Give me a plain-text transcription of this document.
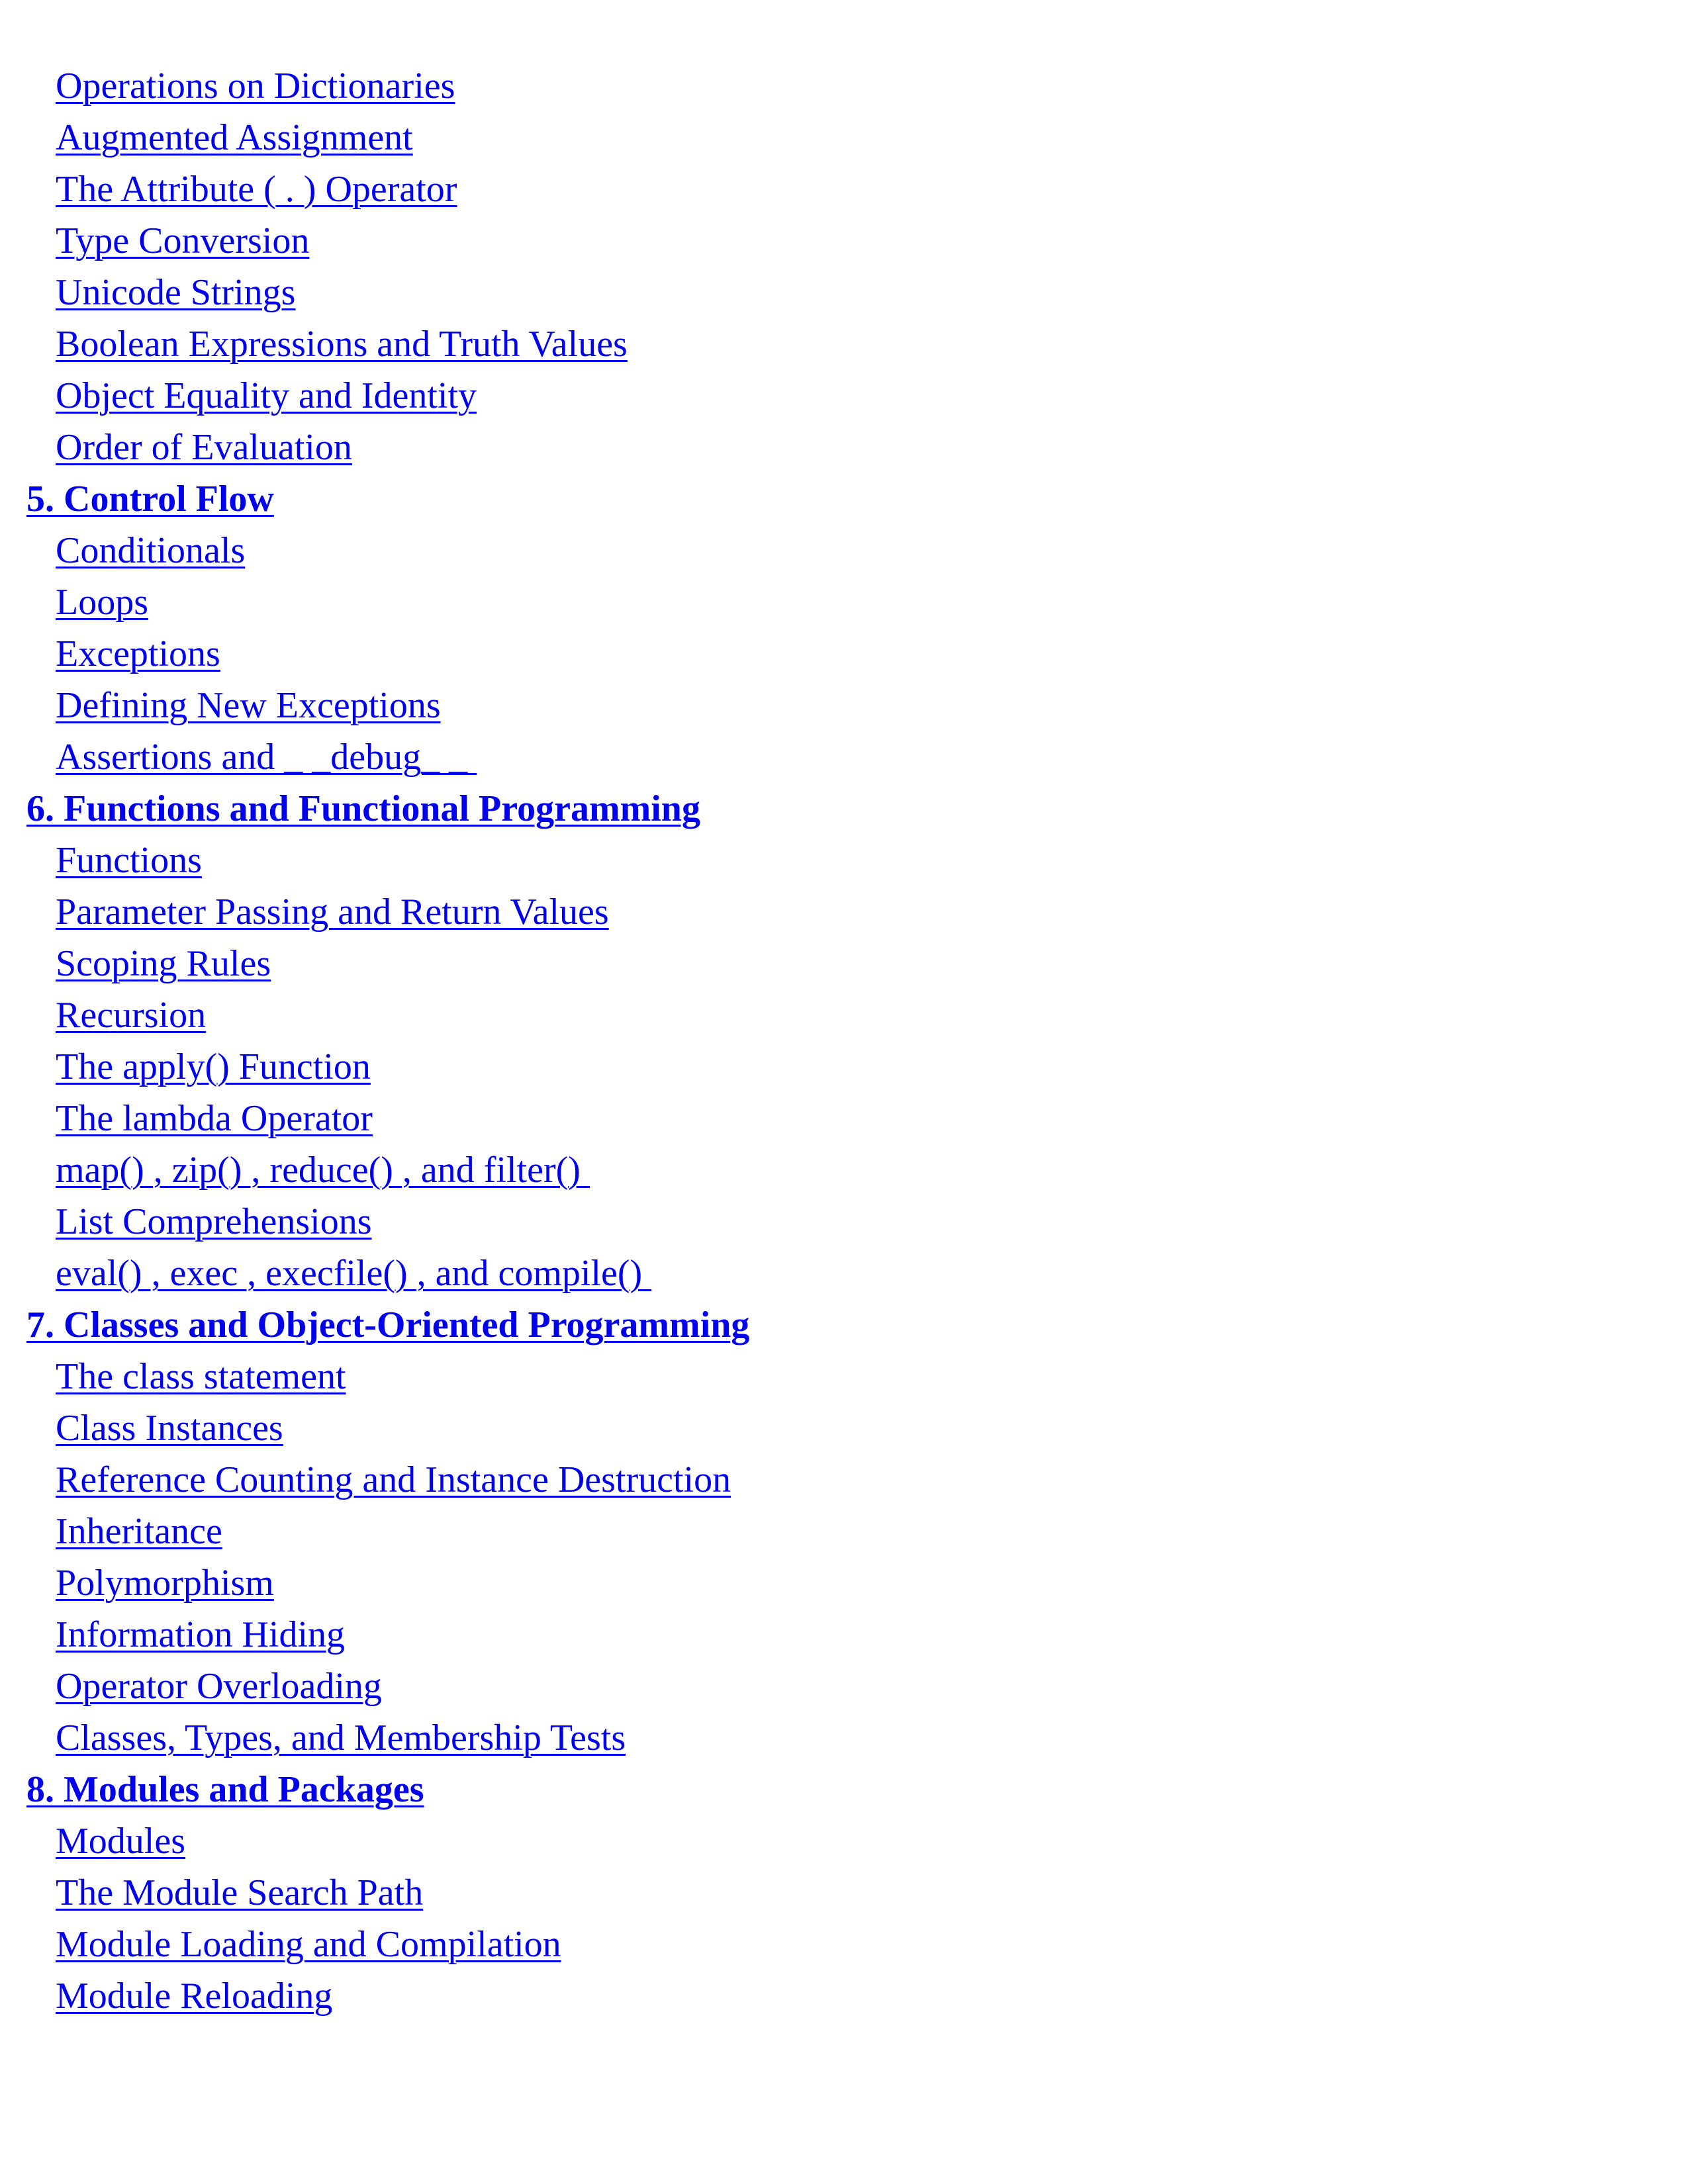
Operations on Dictionaries
Augmented Assignment
The Attribute ( . ) Operator
Type Conversion
Unicode Strings
Boolean Expressions and Truth Values
Object Equality and Identity
Order of Evaluation
5. Control Flow
Conditionals
Loops
Exceptions
Defining New Exceptions
Assertions and _ _debug_ _
6. Functions and Functional Programming
Functions
Parameter Passing and Return Values
Scoping Rules
Recursion
The apply() Function
The lambda Operator
map() , zip() , reduce() , and filter()
List Comprehensions
eval() , exec , execfile() , and compile()
7. Classes and Object-Oriented Programming
The class statement
Class Instances
Reference Counting and Instance Destruction
Inheritance
Polymorphism
Information Hiding
Operator Overloading
Classes, Types, and Membership Tests
8. Modules and Packages
Modules
The Module Search Path
Module Loading and Compilation
Module Reloading
